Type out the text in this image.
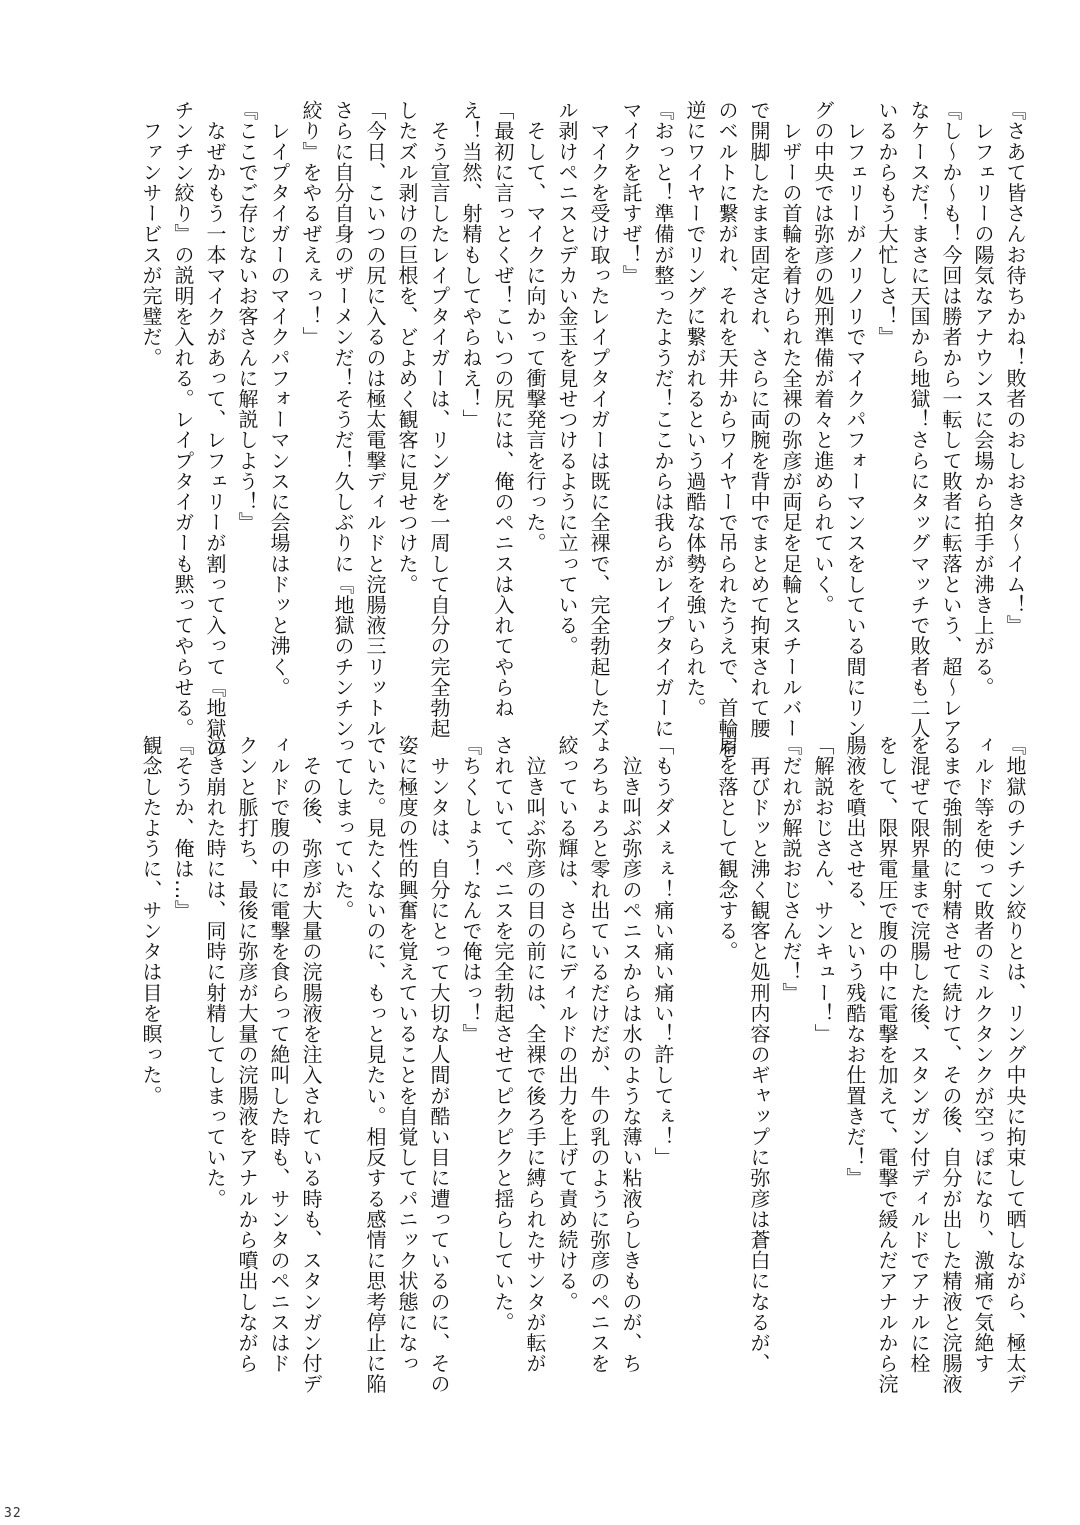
『さあて皆さんお待ちかね！敗者のおしおきタ～イム！』
　レフェリーの陽気なアナウンスに会場から拍手が沸き上がる。
『し～か～も！今回は勝者から一転して敗者に転落という、超～レア
なケースだ！まさに天国から地獄！さらにタッグマッチで敗者も二人
いるからもう大忙しさ！』
　レフェリーがノリノリでマイクパフォーマンスをしている間にリン
グの中央では弥彦の処刑準備が着々と進められていく。
　レザーの首輪を着けられた全裸の弥彦が両足を足輪とスチールバー
で開脚したまま固定され、さらに両腕を背中でまとめて拘束されて腰
のベルトに繋がれ、それを天井からワイヤーで吊られたうえで、首輪を
逆にワイヤーでリングに繋がれるという過酷な体勢を強いられた。
『おっと！準備が整ったようだ！ここからは我らがレイプタイガーに
マイクを託すぜ！』
　マイクを受け取ったレイプタイガーは既に全裸で、完全勃起したズ
ル剥けペニスとデカい金玉を見せつけるように立っている。
　そして、マイクに向かって衝撃発言を行った。
「最初に言っとくぜ！こいつの尻には、俺のペニスは入れてやらね
え！当然、射精もしてやらねえ！」
　そう宣言したレイプタイガーは、リングを一周して自分の完全勃起
したズル剥けの巨根を、どよめく観客に見せつけた。
「今日、こいつの尻に入るのは極太電撃ディルドと浣腸液三リットル、
さらに自分自身のザーメンだ！そうだ！久しぶりに『地獄のチンチン
絞り』をやるぜえぇっ！」
　レイプタイガーのマイクパフォーマンスに会場はドッと沸く。
『ここでご存じないお客さんに解説しよう！』
　なぜかもう一本マイクがあって、レフェリーが割って入って『地獄の
チンチン絞り』の説明を入れる。レイプタイガーも黙ってやらせる。
　ファンサービスが完璧だ。
『地獄のチンチン絞りとは、リング中央に拘束して晒しながら、極太デ
ィルド等を使って敗者のミルクタンクが空っぽになり、激痛で気絶す
るまで強制的に射精させて続けて、その後、自分が出した精液と浣腸液
を混ぜて限界量まで浣腸した後、スタンガン付ディルドでアナルに栓
をして、限界電圧で腹の中に電撃を加えて、電撃で緩んだアナルから浣
腸液を噴出させる、という残酷なお仕置きだ！』
「解説おじさん、サンキュー！」
『だれが解説おじさんだ！』
　再びドッと沸く観客と処刑内容のギャップに弥彦は蒼白になるが、
肩を落として観念する。

「もうダメぇぇ！痛い痛い痛い！許してぇ！」
　泣き叫ぶ弥彦のペニスからは水のような薄い粘液らしきものが、ち
ょろちょろと零れ出ているだけだが、牛の乳のように弥彦のペニスを
絞っている輝は、さらにディルドの出力を上げて責め続ける。
　泣き叫ぶ弥彦の目の前には、全裸で後ろ手に縛られたサンタが転が
されていて、ペニスを完全勃起させてピクピクと揺らしていた。
『ちくしょう！なんで俺はっ！』
　サンタは、自分にとって大切な人間が酷い目に遭っているのに、その
姿に極度の性的興奮を覚えていることを自覚してパニック状態になっ
ていた。見たくないのに、もっと見たい。相反する感情に思考停止に陥
ってしまっていた。
　その後、弥彦が大量の浣腸液を注入されている時も、スタンガン付デ
ィルドで腹の中に電撃を食らって絶叫した時も、サンタのペニスはド
クンと脈打ち、最後に弥彦が大量の浣腸液をアナルから噴出しながら
泣き崩れた時には、同時に射精してしまっていた。
『そうか、俺は…』
観念したように、サンタは目を瞑った。
32
